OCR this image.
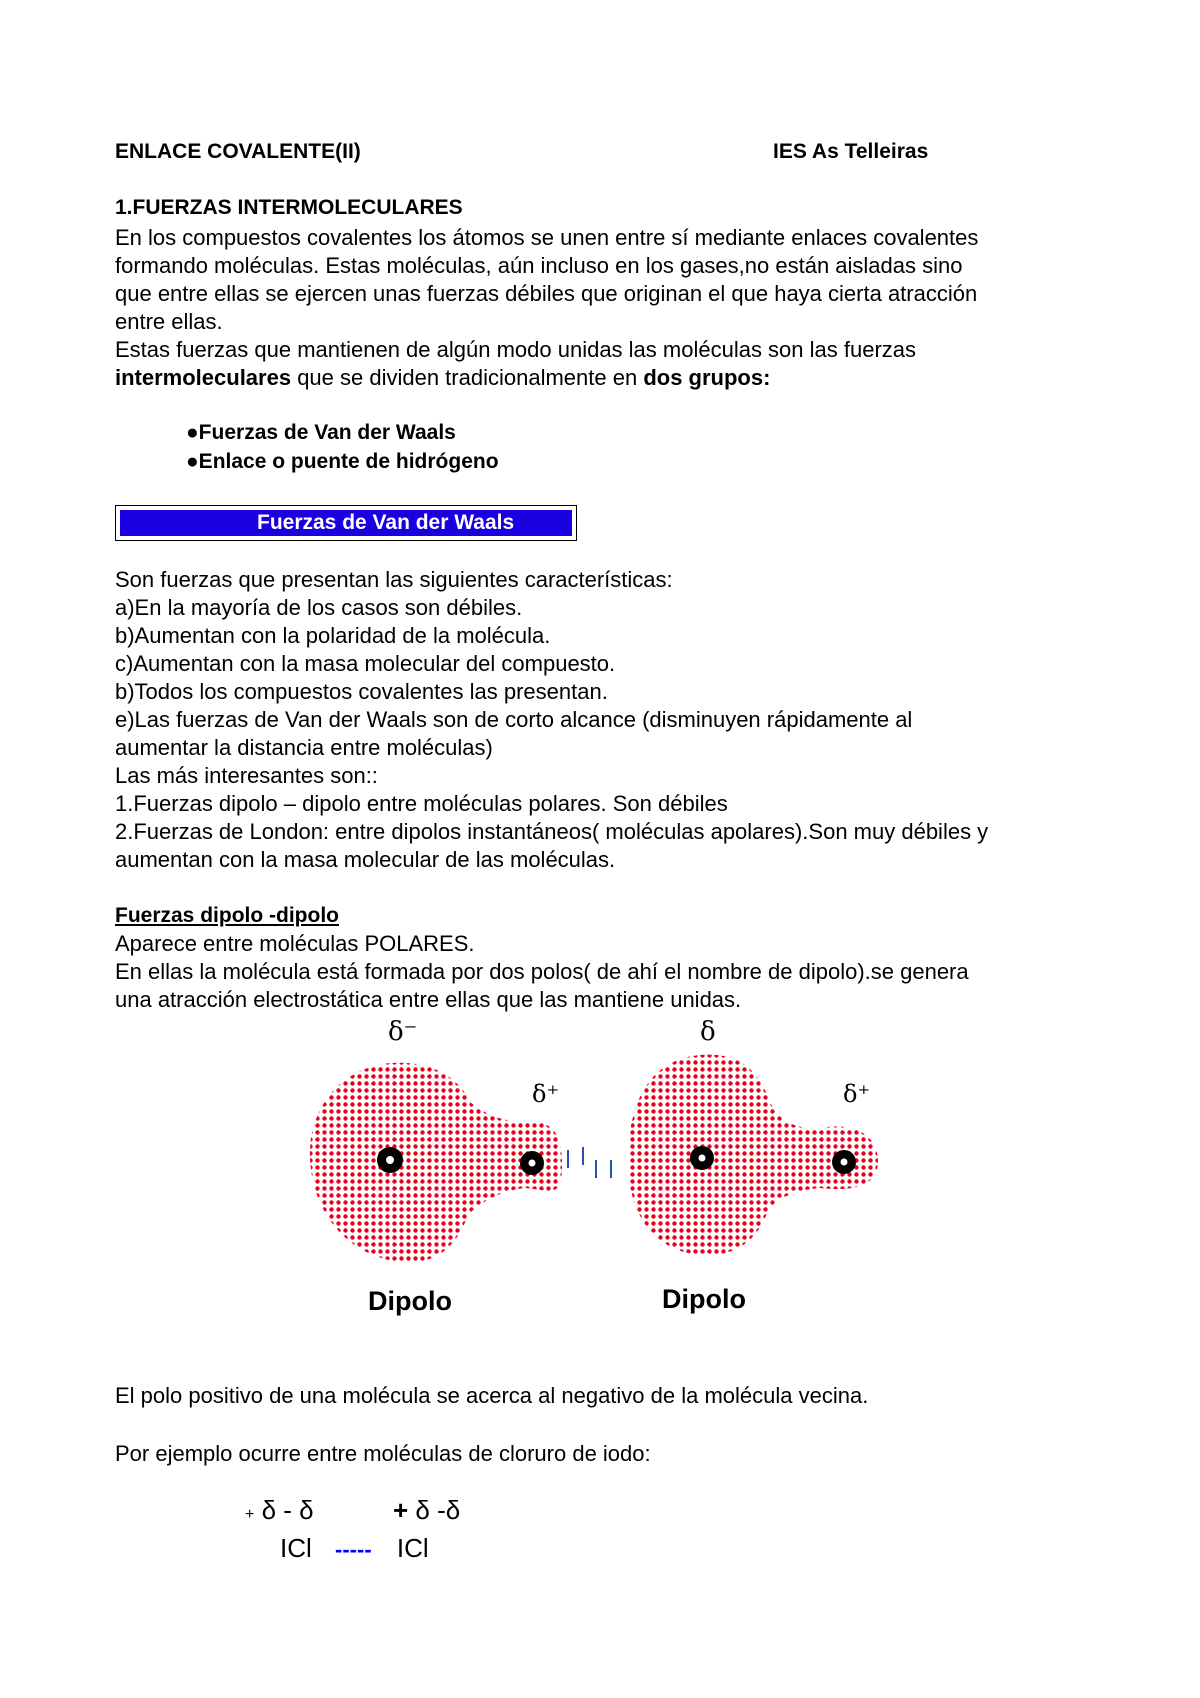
ENLACE COVALENTE(II)	IES As Telleiras
1.FUERZAS INTERMOLECULARES
En los compuestos covalentes los átomos se unen entre sí mediante enlaces covalentes
formando moléculas. Estas moléculas, aún incluso en los gases,no están aisladas sino
que entre ellas se ejercen unas fuerzas débiles que originan el que haya cierta atracción
entre ellas.
Estas fuerzas que mantienen de algún modo unidas las moléculas son las fuerzas
intermoleculares que se dividen tradicionalmente en dos grupos:
●Fuerzas de Van der Waals
●Enlace o puente de hidrógeno
Fuerzas de Van der Waals
Son fuerzas que presentan las siguientes características:
a)En la mayoría de los casos son débiles.
b)Aumentan con la polaridad de la molécula.
c)Aumentan con la masa molecular del compuesto.
b)Todos los compuestos covalentes las presentan.
e)Las fuerzas de Van der Waals son de corto alcance (disminuyen rápidamente al
aumentar la distancia entre moléculas)
Las más interesantes son::
1.Fuerzas dipolo – dipolo entre moléculas polares. Son débiles
2.Fuerzas de London: entre dipolos instantáneos( moléculas apolares).Son muy débiles y
aumentan con la masa molecular de las moléculas.
Fuerzas dipolo -dipolo
Aparece entre moléculas POLARES.
En ellas la molécula está formada por dos polos( de ahí el nombre de dipolo).se genera
una atracción electrostática entre ellas que las mantiene unidas.
δ⁻
δ⁺
δ
δ⁺
Dipolo	Dipolo
El polo positivo de una molécula se acerca al negativo de la molécula vecina.
Por ejemplo ocurre entre moléculas de cloruro de iodo:
+ δ - δ	+ δ -δ
ICl ----- ICl
